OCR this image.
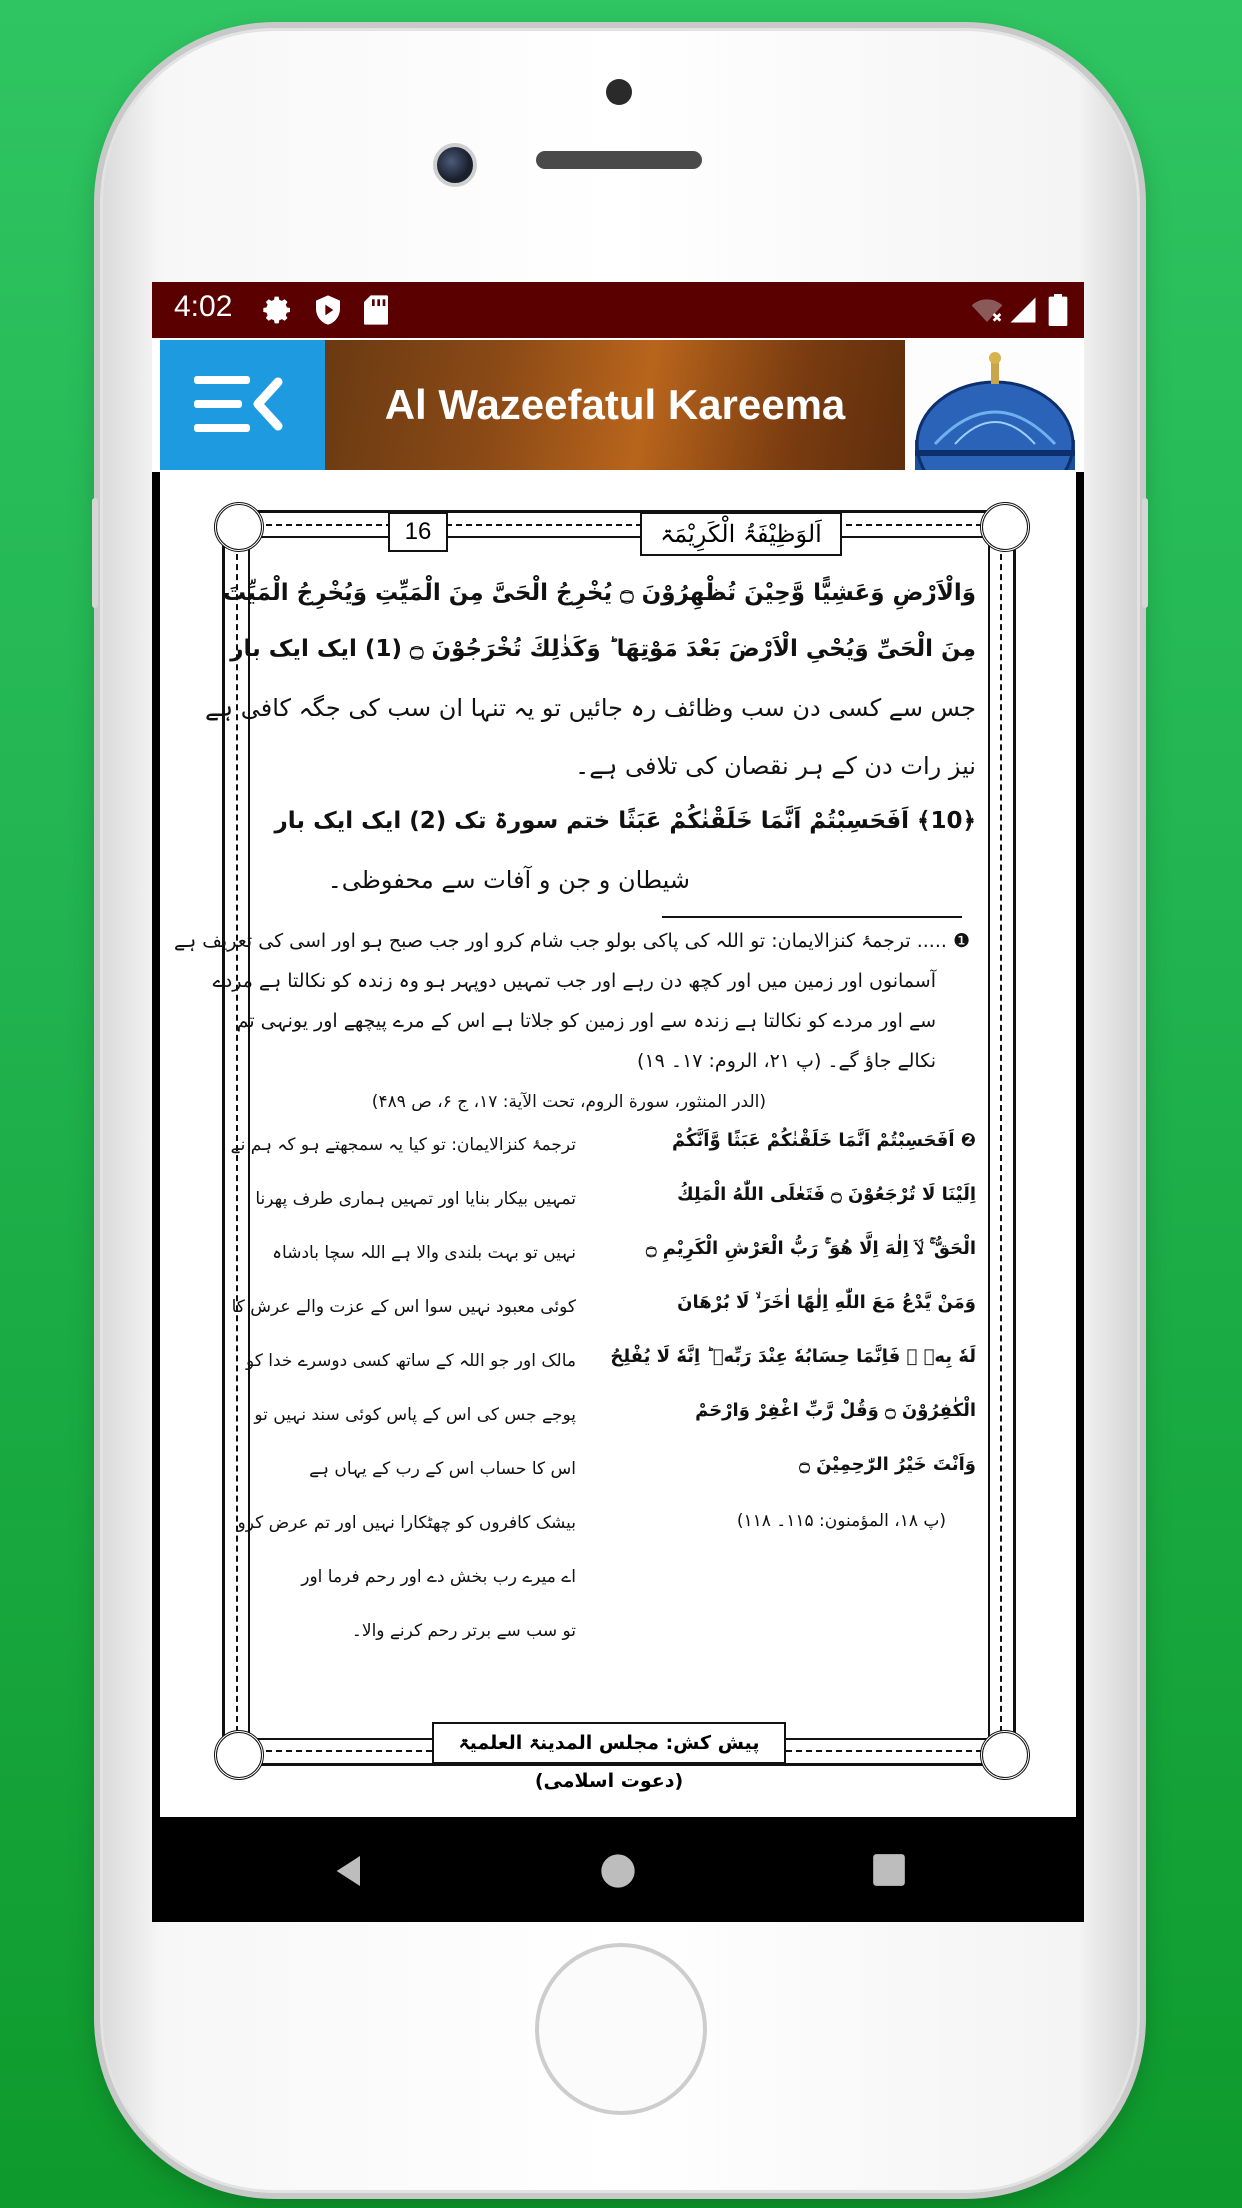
4:02
Al Wazeefatul Kareema
16	اَلوَظِیْفَۃُ الْکَرِیْمَۃ
وَالْاَرْضِ وَعَشِیًّا وَّحِیْنَ تُظْهِرُوْنَ ۝ یُخْرِجُ الْحَیَّ مِنَ الْمَیِّتِ وَیُخْرِجُ الْمَیِّتَ
مِنَ الْحَیِّ وَیُحْیِ الْاَرْضَ بَعْدَ مَوْتِهَا ؕ وَكَذٰلِكَ تُخْرَجُوْنَ ۝ (1) ایک ایک بار
جس سے کسی دن سب وظائف رہ جائیں تو یہ تنہا ان سب کی جگہ کافی ہے
نیز رات دن کے ہر نقصان کی تلافی ہے۔
﴿10﴾ اَفَحَسِبْتُمْ اَنَّمَا خَلَقْنٰكُمْ عَبَثًا ختم سورۃ تک (2) ایک ایک بار
شیطان و جن و آفات سے محفوظی۔
❶ ..... ترجمۂ کنزالایمان: تو اللہ کی پاکی بولو جب شام کرو اور جب صبح ہو اور اسی کی تعریف ہے
آسمانوں اور زمین میں اور کچھ دن رہے اور جب تمہیں دوپہر ہو وہ زندہ کو نکالتا ہے مردے
سے اور مردے کو نکالتا ہے زندہ سے اور زمین کو جلاتا ہے اس کے مرے پیچھے اور یونہی تم
نکالے جاؤ گے۔ (پ ۲۱، الروم: ۱۷۔ ۱۹)
(الدر المنثور، سورة الروم، تحت الآية: ۱۷، ج ۶، ص ۴۸۹)
❷ اَفَحَسِبْتُمْ اَنَّمَا خَلَقْنٰكُمْ عَبَثًا وَّاَنَّكُمْ
اِلَیْنَا لَا تُرْجَعُوْنَ ۝ فَتَعٰلَى اللّٰهُ الْمَلِكُ
الْحَقُّ ۚ لَاۤ اِلٰهَ اِلَّا هُوَ ۚ رَبُّ الْعَرْشِ الْكَرِیْمِ ۝
وَمَنْ یَّدْعُ مَعَ اللّٰهِ اِلٰهًا اٰخَرَ ۙ لَا بُرْهَانَ
لَهٗ بِهٖ ۙ فَاِنَّمَا حِسَابُهٗ عِنْدَ رَبِّهٖ ؕ اِنَّهٗ لَا یُفْلِحُ
الْكٰفِرُوْنَ ۝ وَقُلْ رَّبِّ اغْفِرْ وَارْحَمْ
وَاَنْتَ خَیْرُ الرّٰحِمِیْنَ ۝
(پ ۱۸، المؤمنون: ۱۱۵۔ ۱۱۸)
ترجمۂ کنزالایمان: تو کیا یہ سمجھتے ہو کہ ہم نے
تمہیں بیکار بنایا اور تمہیں ہماری طرف پھرنا
نہیں تو بہت بلندی والا ہے اللہ سچا بادشاہ
کوئی معبود نہیں سوا اس کے عزت والے عرش کا
مالک اور جو اللہ کے ساتھ کسی دوسرے خدا کو
پوجے جس کی اس کے پاس کوئی سند نہیں تو
اس کا حساب اس کے رب کے یہاں ہے
بیشک کافروں کو چھٹکارا نہیں اور تم عرض کرو
اے میرے رب بخش دے اور رحم فرما اور
تو سب سے برتر رحم کرنے والا۔
پیش کش: مجلس المدینۃ العلمیۃ (دعوت اسلامی)
